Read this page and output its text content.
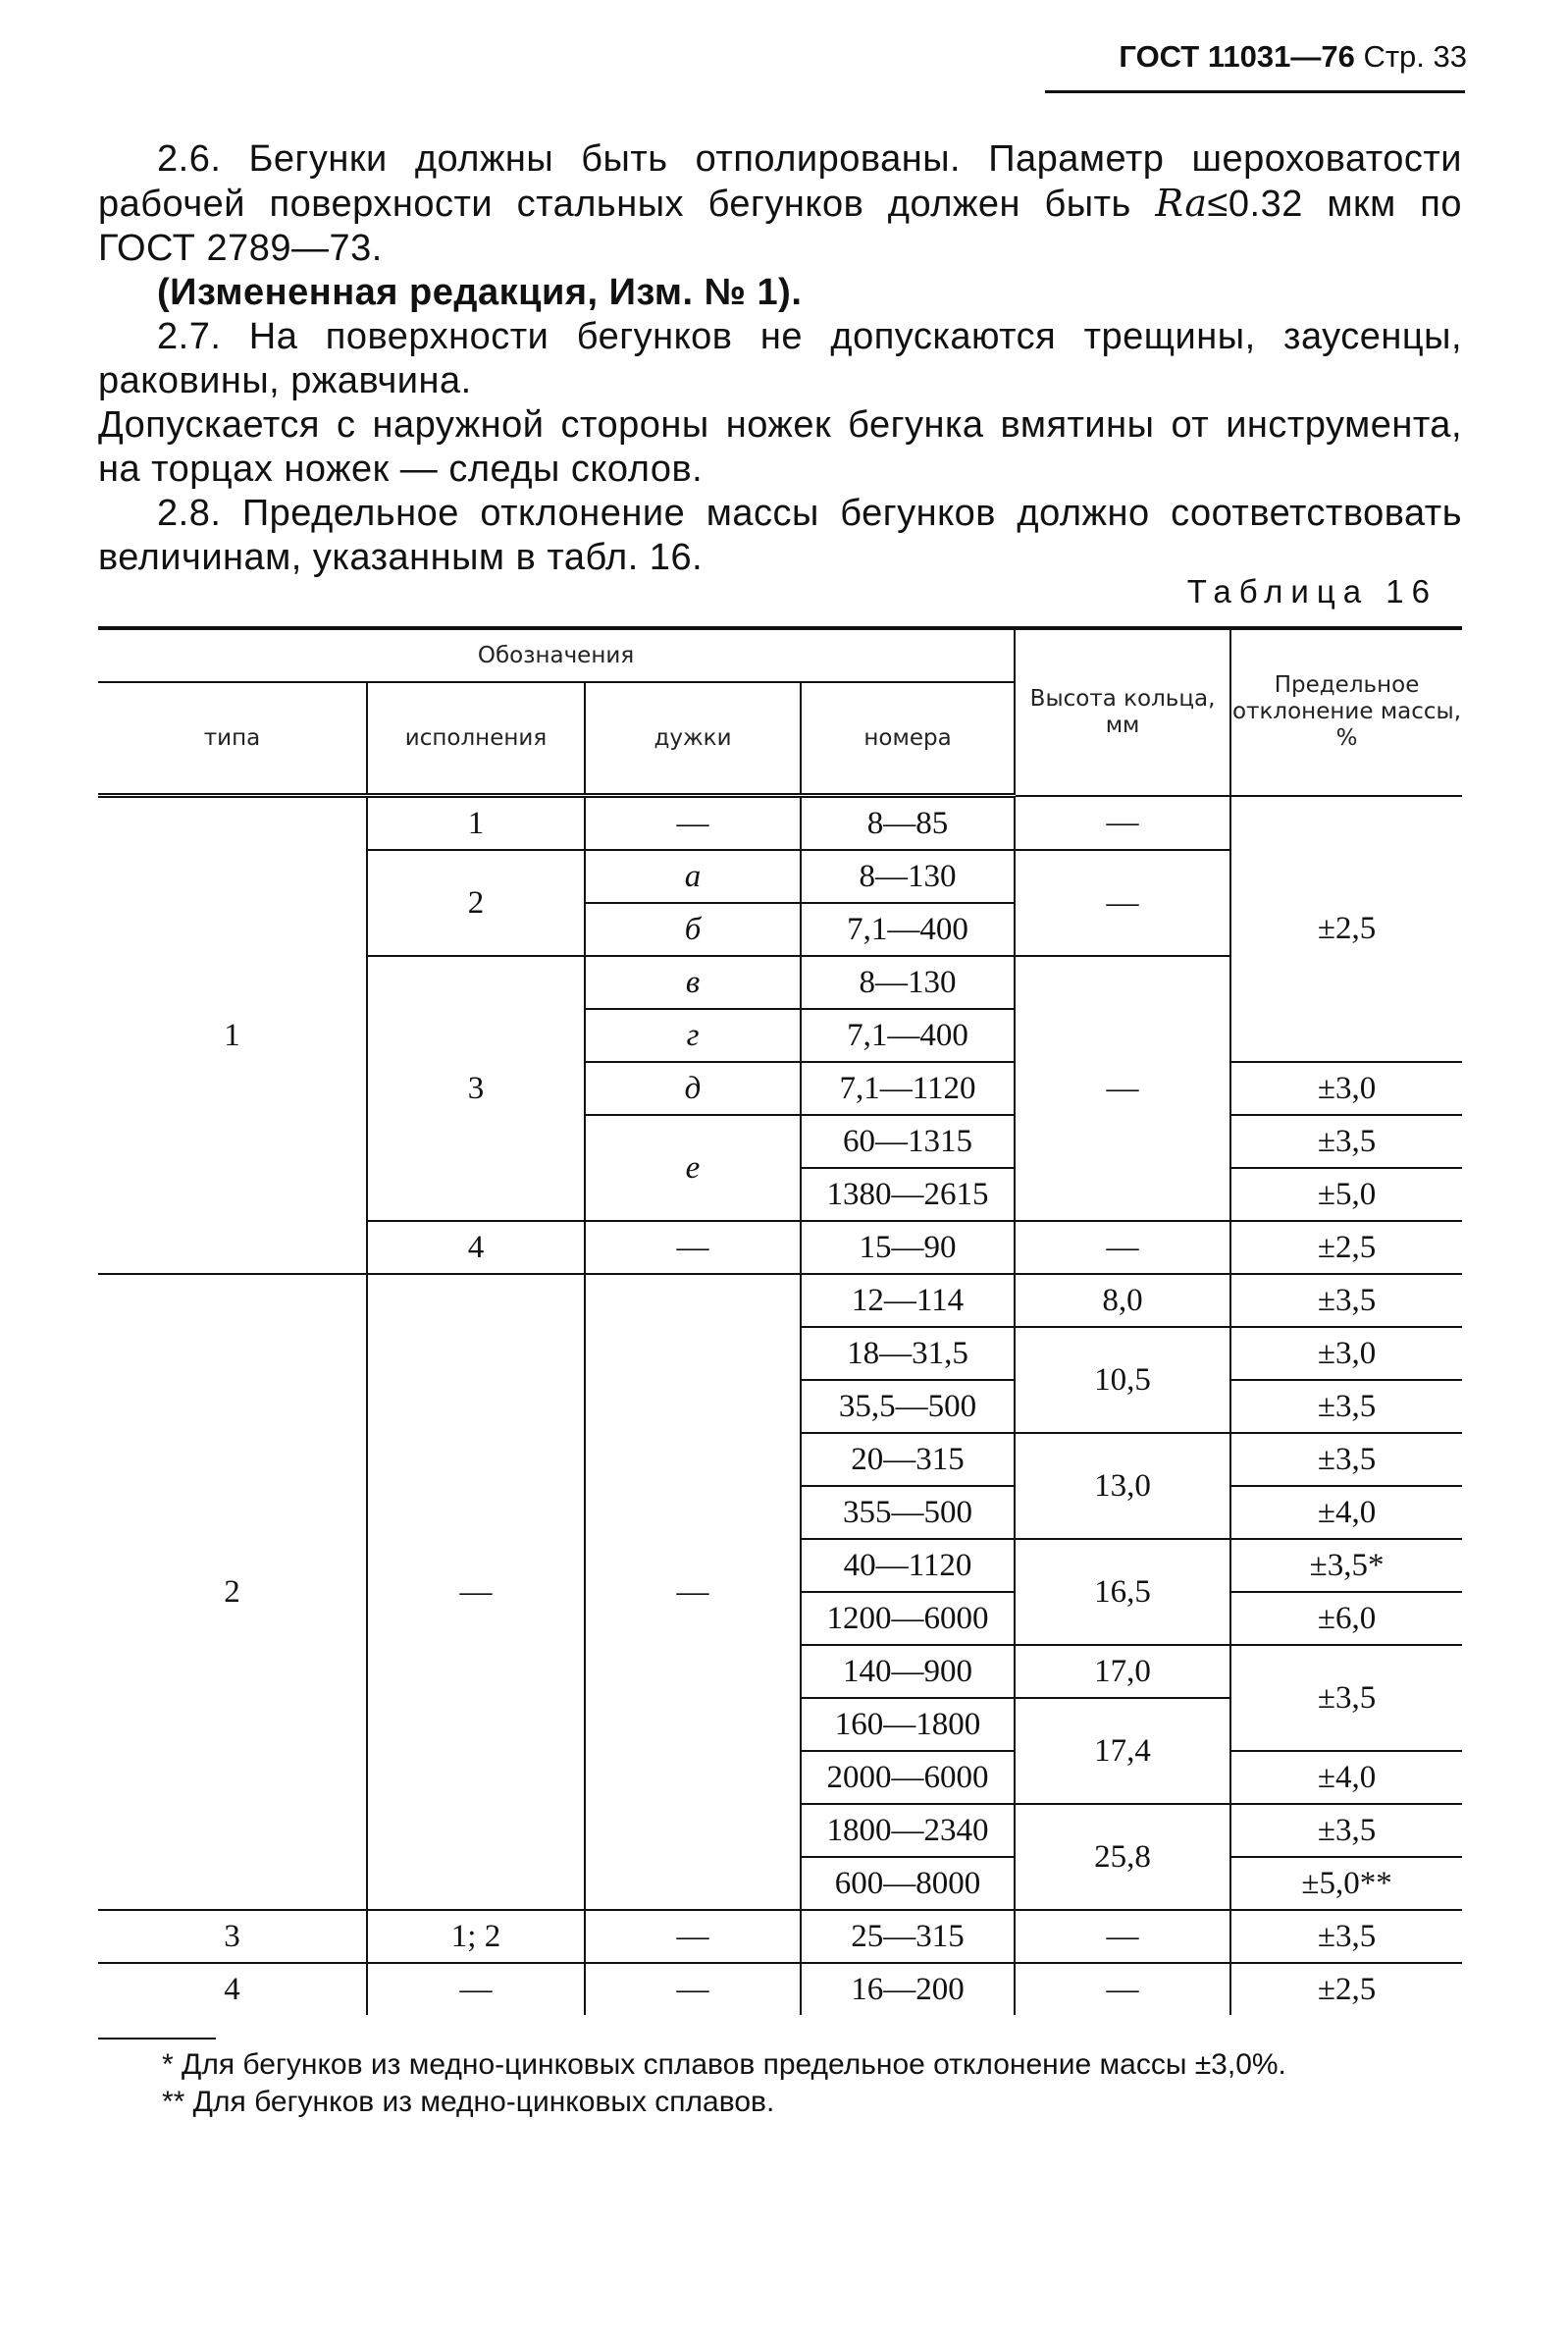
ГОСТ 11031—76 Стр. 33

2.6. Бегунки должны быть отполированы. Параметр шероховатости рабочей поверхности стальных бегунков должен быть Ra≤0.32 мкм по ГОСТ 2789—73.

(Измененная редакция, Изм. № 1).

2.7. На поверхности бегунков не допускаются трещины, заусенцы, раковины, ржавчина.

Допускается с наружной стороны ножек бегунка вмятины от инструмента, на торцах ножек — следы сколов.

2.8. Предельное отклонение массы бегунков должно соответствовать величинам, указанным в табл. 16.

Таблица 16
Обозначения				Высота кольца, мм	Предельное отклонение массы, %
типа	исполнения	дужки	номера		
1	1	—	8—85	—	±2,5
	2	а	8—130	—	
		б	7,1—400		
	3	в	8—130	—	
		г	7,1—400		
		д	7,1—1120		±3,0
		е	60—1315		±3,5
			1380—2615		±5,0
	4	—	15—90	—	±2,5
2	—	—	12—114	8,0	±3,5
			18—31,5	10,5	±3,0
			35,5—500		±3,5
			20—315	13,0	±3,5
			355—500		±4,0
			40—1120	16,5	±3,5*
			1200—6000		±6,0
			140—900	17,0	±3,5
			160—1800	17,4	
			2000—6000		±4,0
			1800—2340	25,8	±3,5
			600—8000		±5,0**
3	1; 2	—	25—315	—	±3,5
4	—	—	16—200	—	±2,5

* Для бегунков из медно-цинковых сплавов предельное отклонение массы ±3,0%.

** Для бегунков из медно-цинковых сплавов.
